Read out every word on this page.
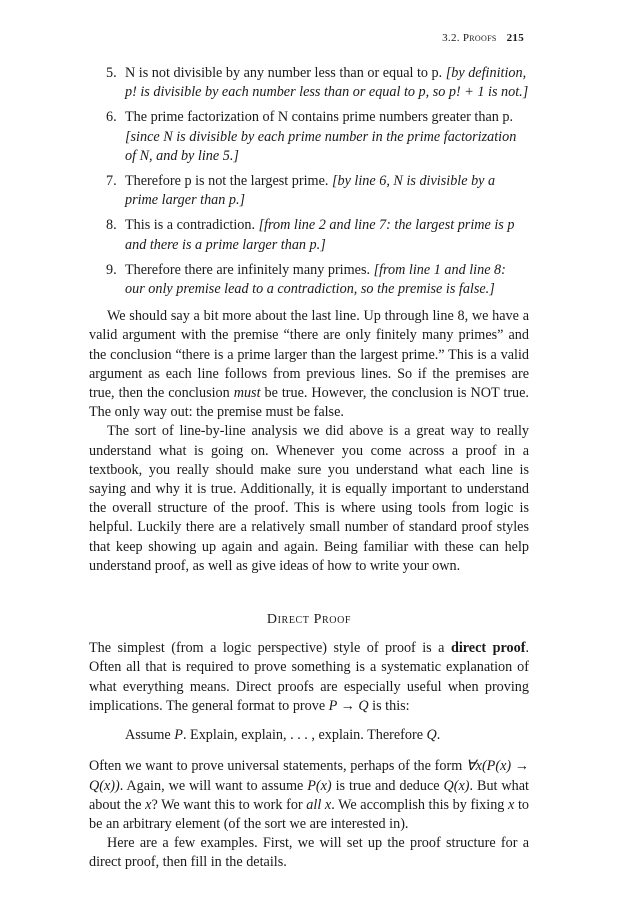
3.2. Proofs 215
5. N is not divisible by any number less than or equal to p. [by definition, p! is divisible by each number less than or equal to p, so p! + 1 is not.]
6. The prime factorization of N contains prime numbers greater than p. [since N is divisible by each prime number in the prime factorization of N, and by line 5.]
7. Therefore p is not the largest prime. [by line 6, N is divisible by a prime larger than p.]
8. This is a contradiction. [from line 2 and line 7: the largest prime is p and there is a prime larger than p.]
9. Therefore there are infinitely many primes. [from line 1 and line 8: our only premise lead to a contradiction, so the premise is false.]

We should say a bit more about the last line. Up through line 8, we have a valid argument with the premise “there are only finitely many primes” and the conclusion “there is a prime larger than the largest prime.” This is a valid argument as each line follows from previous lines. So if the premises are true, then the conclusion must be true. However, the conclusion is NOT true. The only way out: the premise must be false.

The sort of line-by-line analysis we did above is a great way to really understand what is going on. Whenever you come across a proof in a textbook, you really should make sure you understand what each line is saying and why it is true. Additionally, it is equally important to understand the overall structure of the proof. This is where using tools from logic is helpful. Luckily there are a relatively small number of standard proof styles that keep showing up again and again. Being familiar with these can help understand proof, as well as give ideas of how to write your own.

Direct Proof

The simplest (from a logic perspective) style of proof is a direct proof. Often all that is required to prove something is a systematic explanation of what everything means. Direct proofs are especially useful when proving implications. The general format to prove P → Q is this:

Assume P. Explain, explain, . . . , explain. Therefore Q.

Often we want to prove universal statements, perhaps of the form ∀x(P(x) → Q(x)). Again, we will want to assume P(x) is true and deduce Q(x). But what about the x? We want this to work for all x. We accomplish this by fixing x to be an arbitrary element (of the sort we are interested in).

Here are a few examples. First, we will set up the proof structure for a direct proof, then fill in the details.
